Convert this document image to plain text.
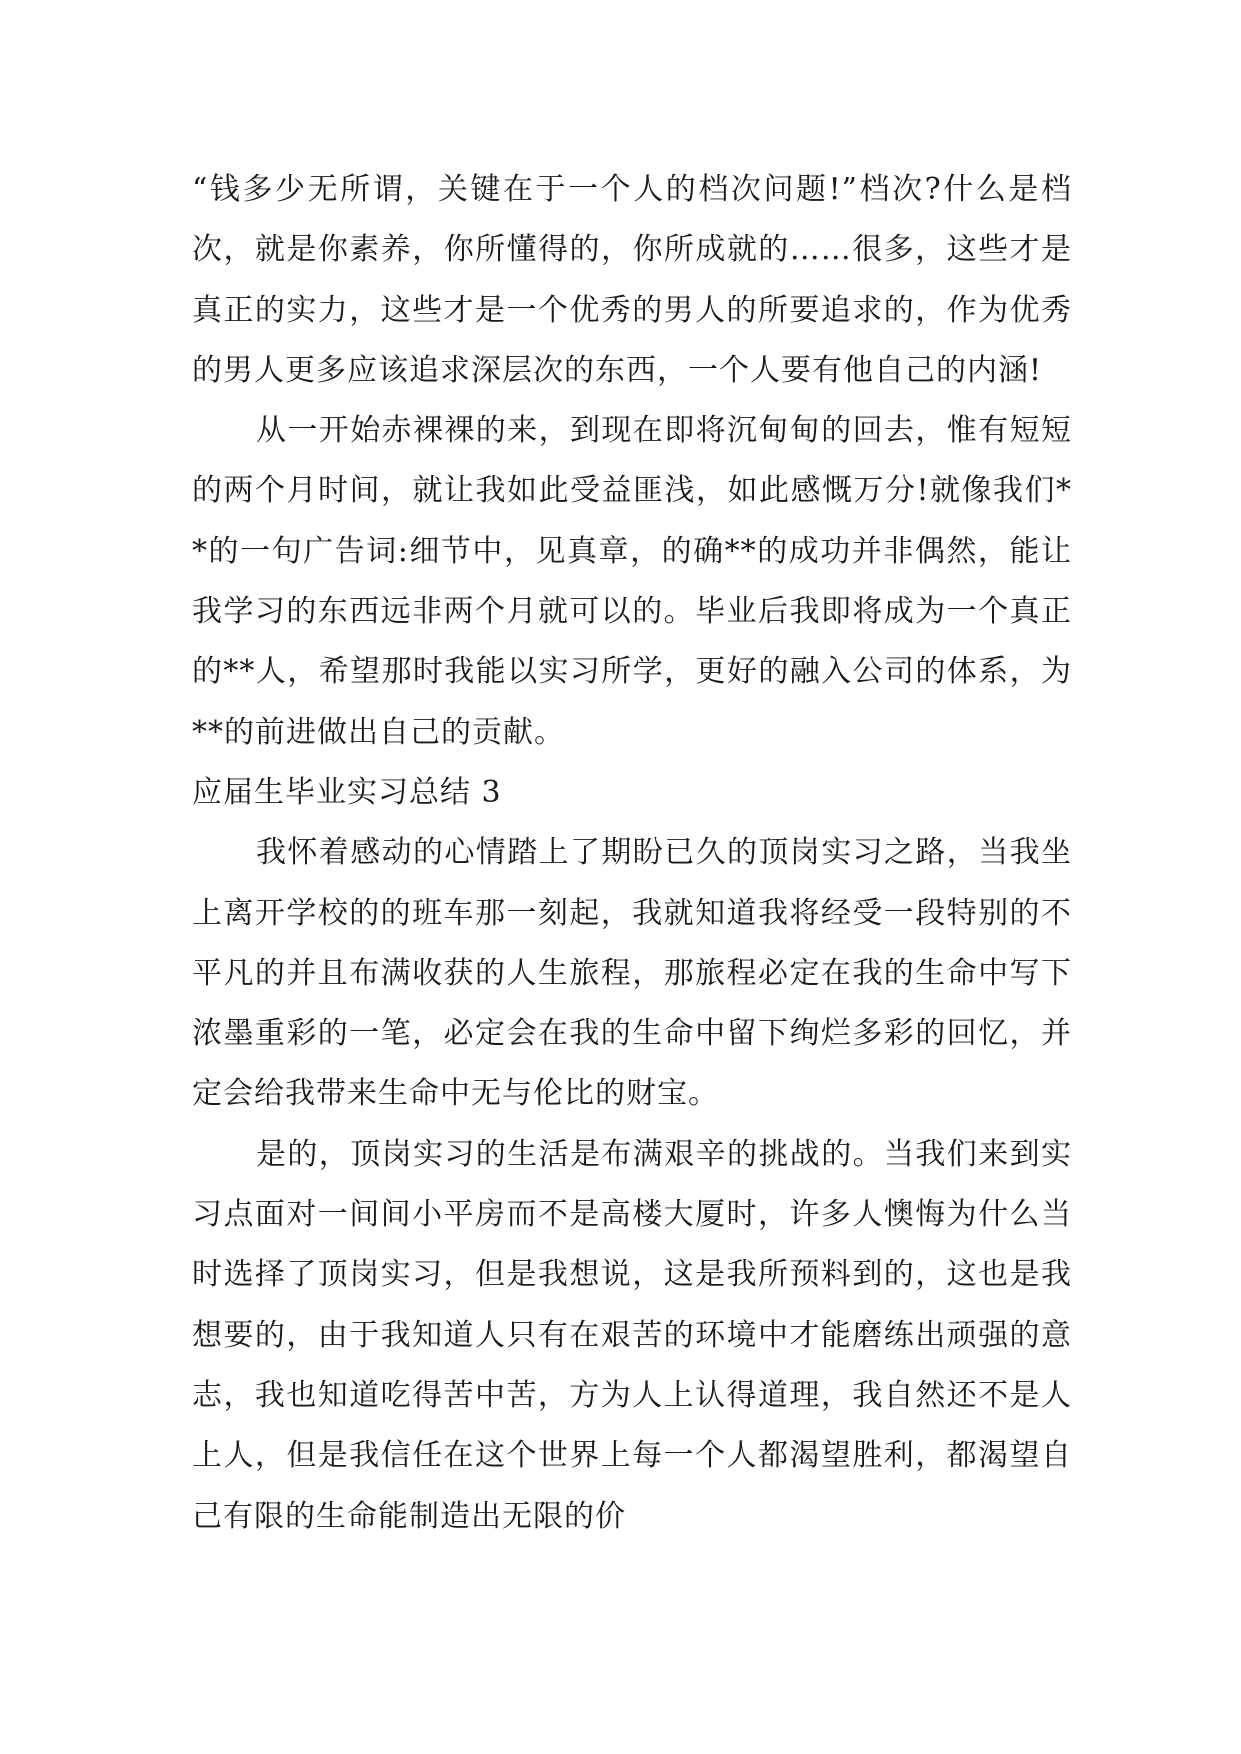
“钱多少无所谓，关键在于一个人的档次问题!”档次?什么是档次，就是你素养，你所懂得的，你所成就的……很多，这些才是真正的实力，这些才是一个优秀的男人的所要追求的，作为优秀的男人更多应该追求深层次的东西，一个人要有他自己的内涵!

从一开始赤裸裸的来，到现在即将沉甸甸的回去，惟有短短的两个月时间，就让我如此受益匪浅，如此感慨万分!就像我们**的一句广告词:细节中，见真章，的确**的成功并非偶然，能让我学习的东西远非两个月就可以的。毕业后我即将成为一个真正的**人，希望那时我能以实习所学，更好的融入公司的体系，为**的前进做出自己的贡献。

应届生毕业实习总结 3

我怀着感动的心情踏上了期盼已久的顶岗实习之路，当我坐上离开学校的的班车那一刻起，我就知道我将经受一段特别的不平凡的并且布满收获的人生旅程，那旅程必定在我的生命中写下浓墨重彩的一笔，必定会在我的生命中留下绚烂多彩的回忆，并定会给我带来生命中无与伦比的财宝。

是的，顶岗实习的生活是布满艰辛的挑战的。当我们来到实习点面对一间间小平房而不是高楼大厦时，许多人懊悔为什么当时选择了顶岗实习，但是我想说，这是我所预料到的，这也是我想要的，由于我知道人只有在艰苦的环境中才能磨练出顽强的意志，我也知道吃得苦中苦，方为人上认得道理，我自然还不是人上人，但是我信任在这个世界上每一个人都渴望胜利，都渴望自己有限的生命能制造出无限的价
